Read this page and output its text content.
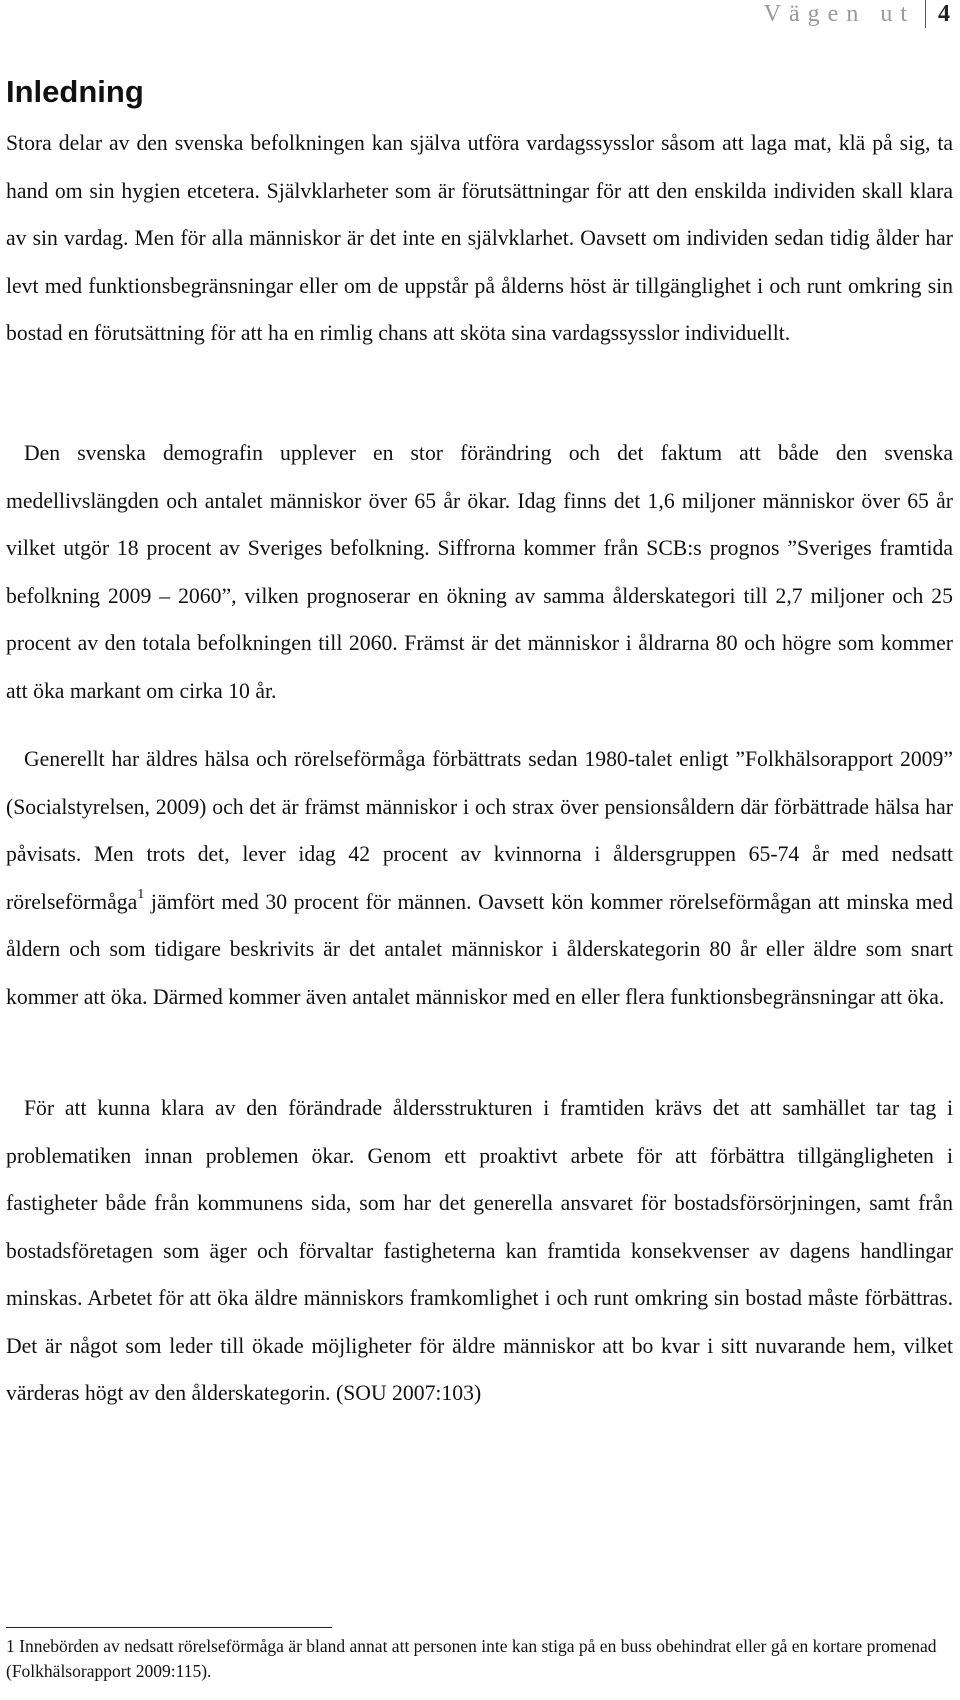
Vägen ut 4
Inledning

Stora delar av den svenska befolkningen kan själva utföra vardagssysslor såsom att laga mat, klä på sig, ta hand om sin hygien etcetera. Självklarheter som är förutsättningar för att den enskilda individen skall klara av sin vardag. Men för alla människor är det inte en självklarhet. Oavsett om individen sedan tidig ålder har levt med funktionsbegränsningar eller om de uppstår på ålderns höst är tillgänglighet i och runt omkring sin bostad en förutsättning för att ha en rimlig chans att sköta sina vardagssysslor individuellt.

Den svenska demografin upplever en stor förändring och det faktum att både den svenska medellivslängden och antalet människor över 65 år ökar. Idag finns det 1,6 miljoner människor över 65 år vilket utgör 18 procent av Sveriges befolkning. Siffrorna kommer från SCB:s prognos ”Sveriges framtida befolkning 2009 – 2060”, vilken prognoserar en ökning av samma ålderskategori till 2,7 miljoner och 25 procent av den totala befolkningen till 2060. Främst är det människor i åldrarna 80 och högre som kommer att öka markant om cirka 10 år.

Generellt har äldres hälsa och rörelseförmåga förbättrats sedan 1980-talet enligt ”Folkhälsorapport 2009” (Socialstyrelsen, 2009) och det är främst människor i och strax över pensionsåldern där förbättrade hälsa har påvisats. Men trots det, lever idag 42 procent av kvinnorna i åldersgruppen 65-74 år med nedsatt rörelseförmåga$^1$ jämfört med 30 procent för männen. Oavsett kön kommer rörelseförmågan att minska med åldern och som tidigare beskrivits är det antalet människor i ålderskategorin 80 år eller äldre som snart kommer att öka. Därmed kommer även antalet människor med en eller flera funktionsbegränsningar att öka.

För att kunna klara av den förändrade åldersstrukturen i framtiden krävs det att samhället tar tag i problematiken innan problemen ökar. Genom ett proaktivt arbete för att förbättra tillgängligheten i fastigheter både från kommunens sida, som har det generella ansvaret för bostadsförsörjningen, samt från bostadsföretagen som äger och förvaltar fastigheterna kan framtida konsekvenser av dagens handlingar minskas. Arbetet för att öka äldre människors framkomlighet i och runt omkring sin bostad måste förbättras. Det är något som leder till ökade möjligheter för äldre människor att bo kvar i sitt nuvarande hem, vilket värderas högt av den ålderskategorin. (SOU 2007:103)

1 Innebörden av nedsatt rörelseförmåga är bland annat att personen inte kan stiga på en buss obehindrat eller gå en kortare promenad (Folkhälsorapport 2009:115).
